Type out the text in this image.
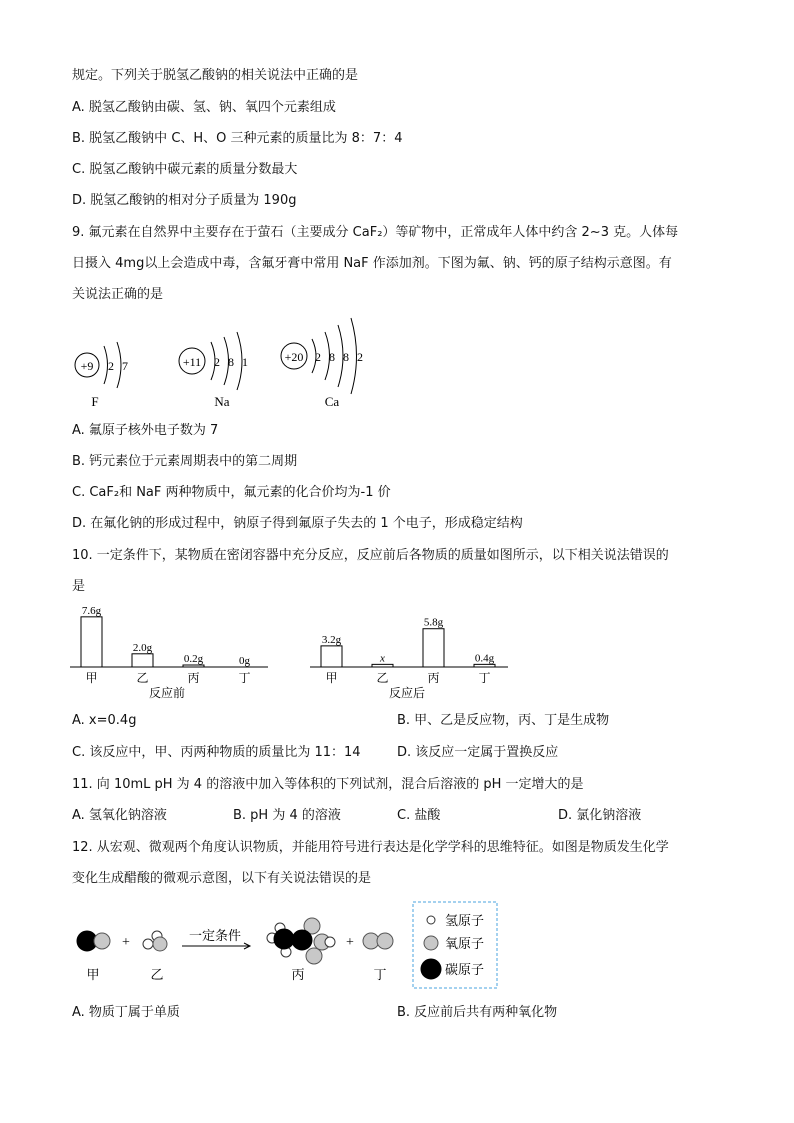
规定。下列关于脱氢乙酸钠的相关说法中正确的是
A. 脱氢乙酸钠由碳、氢、钠、氧四个元素组成
B. 脱氢乙酸钠中 C、H、O 三种元素的质量比为 8：7：4
C. 脱氢乙酸钠中碳元素的质量分数最大
D. 脱氢乙酸钠的相对分子质量为 190g
9. 氟元素在自然界中主要存在于萤石（主要成分 CaF₂）等矿物中，正常成年人体中约含 2~3 克。人体每
日摄入 4mg以上会造成中毒，含氟牙膏中常用 NaF 作添加剂。下图为氟、钠、钙的原子结构示意图。有
关说法正确的是
+9 2 7
F
+11 2 8 1
Na
+20 2 8 8 2
Ca
A. 氟原子核外电子数为 7
B. 钙元素位于元素周期表中的第二周期
C. CaF₂和 NaF 两种物质中，氟元素的化合价均为-1 价
D. 在氟化钠的形成过程中，钠原子得到氟原子失去的 1 个电子，形成稳定结构
10. 一定条件下，某物质在密闭容器中充分反应，反应前后各物质的质量如图所示，以下相关说法错误的
是
7.6g
甲
2.0g
乙
0.2g
丙
0g
丁
反应前
3.2g
甲
x
乙
5.8g
丙
0.4g
丁
反应后
A. x=0.4g	B. 甲、乙是反应物，丙、丁是生成物
C. 该反应中，甲、丙两种物质的质量比为 11：14	D. 该反应一定属于置换反应
11. 向 10mL pH 为 4 的溶液中加入等体积的下列试剂，混合后溶液的 pH 一定增大的是
A. 氢氧化钠溶液	B. pH 为 4 的溶液	C. 盐酸	D. 氯化钠溶液
12. 从宏观、微观两个角度认识物质，并能用符号进行表达是化学学科的思维特征。如图是物质发生化学
变化生成醋酸的微观示意图，以下有关说法错误的是
+	一定条件	+
甲	乙	丙	丁
氢原子
氧原子
碳原子
A. 物质丁属于单质	B. 反应前后共有两种氧化物
